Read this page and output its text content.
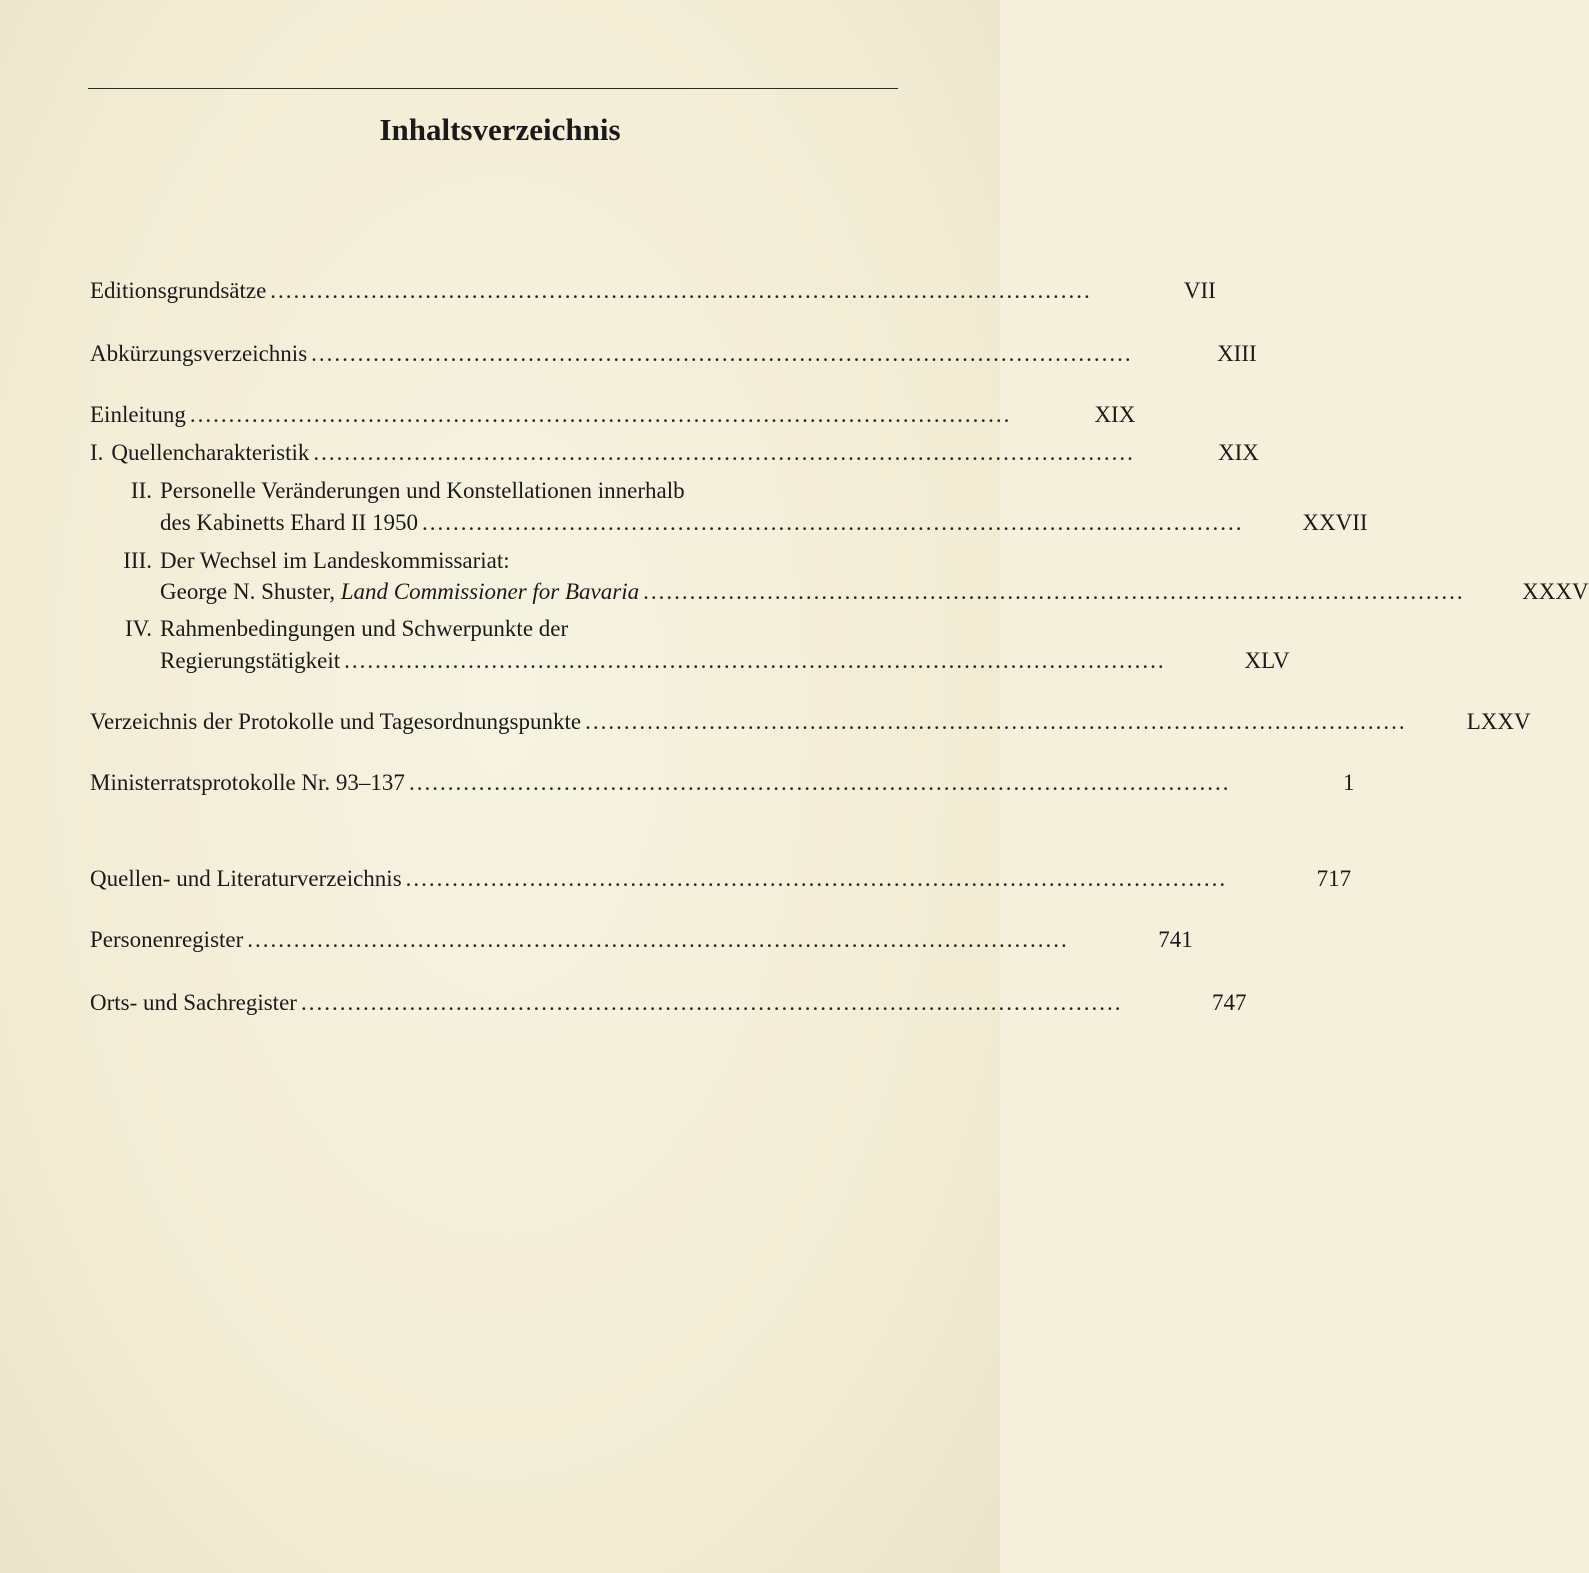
Inhaltsverzeichnis
Editionsgrundsätze ..........................................................................................................	VII
Abkürzungsverzeichnis ..........................................................................................................	XIII
Einleitung ..........................................................................................................	XIX
I. Quellencharakteristik ..........................................................................................................	XIX
II. Personelle Veränderungen und Konstellationen innerhalb
des Kabinetts Ehard II 1950 ..........................................................................................................	XXVII
III. Der Wechsel im Landeskommissariat:
George N. Shuster, Land Commissioner for Bavaria ..........................................................................................................	XXXV
IV. Rahmenbedingungen und Schwerpunkte der
Regierungstätigkeit ..........................................................................................................	XLV
Verzeichnis der Protokolle und Tagesordnungspunkte ..........................................................................................................	LXXV
Ministerratsprotokolle Nr. 93–137 ..........................................................................................................	1
Quellen- und Literaturverzeichnis ..........................................................................................................	717
Personenregister ..........................................................................................................	741
Orts- und Sachregister ..........................................................................................................	747
